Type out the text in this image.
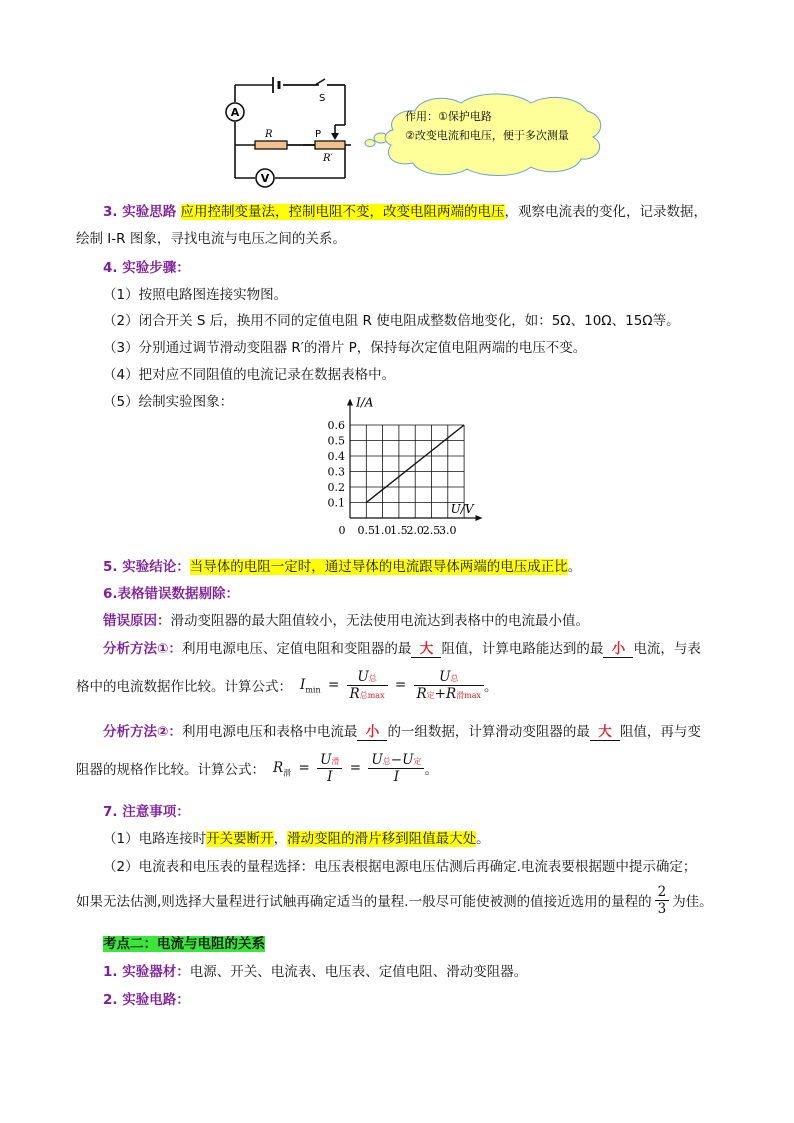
A
V
S
R	P
R′
作用：①保护电路
②改变电流和电压，便于多次测量
3. 实验思路 应用控制变量法，控制电阻不变，改变电阻两端的电压，观察电流表的变化，记录数据，
绘制 I-R 图象，寻找电流与电压之间的关系。
4. 实验步骤：
（1）按照电路图连接实物图。
（2）闭合开关 S 后，换用不同的定值电阻 R 使电阻成整数倍地变化，如：5Ω、10Ω、15Ω等。
（3）分别通过调节滑动变阻器 R′的滑片 P，保持每次定值电阻两端的电压不变。
（4）把对应不同阻值的电流记录在数据表格中。
（5）绘制实验图象：
0 0.5
1.0
1.5
2.0
2.5
3.0
0.1
0.2
0.3
0.4
0.5
0.6
U/V
I/A
5. 实验结论：当导体的电阻一定时，通过导体的电流跟导体两端的电压成正比。
6.表格错误数据剔除：
错误原因：滑动变阻器的最大阻值较小，无法使用电流达到表格中的电流最小值。
分析方法①：利用电源电压、定值电阻和变阻器的最 大 阻值，计算电路能达到的最 小 电流，与表
格中的电流数据作比较。计算公式： $I_{min} = \frac{\text{U总}}{\text{R总max}} = \frac{\text{U总}}{\text{R定+R滑max}}$ 。
分析方法②：利用电源电压和表格中电流最 小 的一组数据，计算滑动变阻器的最 大 阻值，再与变
阻器的规格作比较。计算公式： $R_滑 = \frac{\text{U滑}}{I} = \frac{\text{U总−U定}}{I}$ 。
7. 注意事项：
（1）电路连接时开关要断开，滑动变阻的滑片移到阻值最大处。
（2）电流表和电压表的量程选择：电压表根据电源电压估测后再确定.电流表要根据题中提示确定；
如果无法估测,则选择大量程进行试触再确定适当的量程.一般尽可能使被测的值接近选用的量程的 $\frac{2}{3}$ 为佳。
考点二：电流与电阻的关系
1. 实验器材：电源、开关、电流表、电压表、定值电阻、滑动变阻器。
2. 实验电路：
